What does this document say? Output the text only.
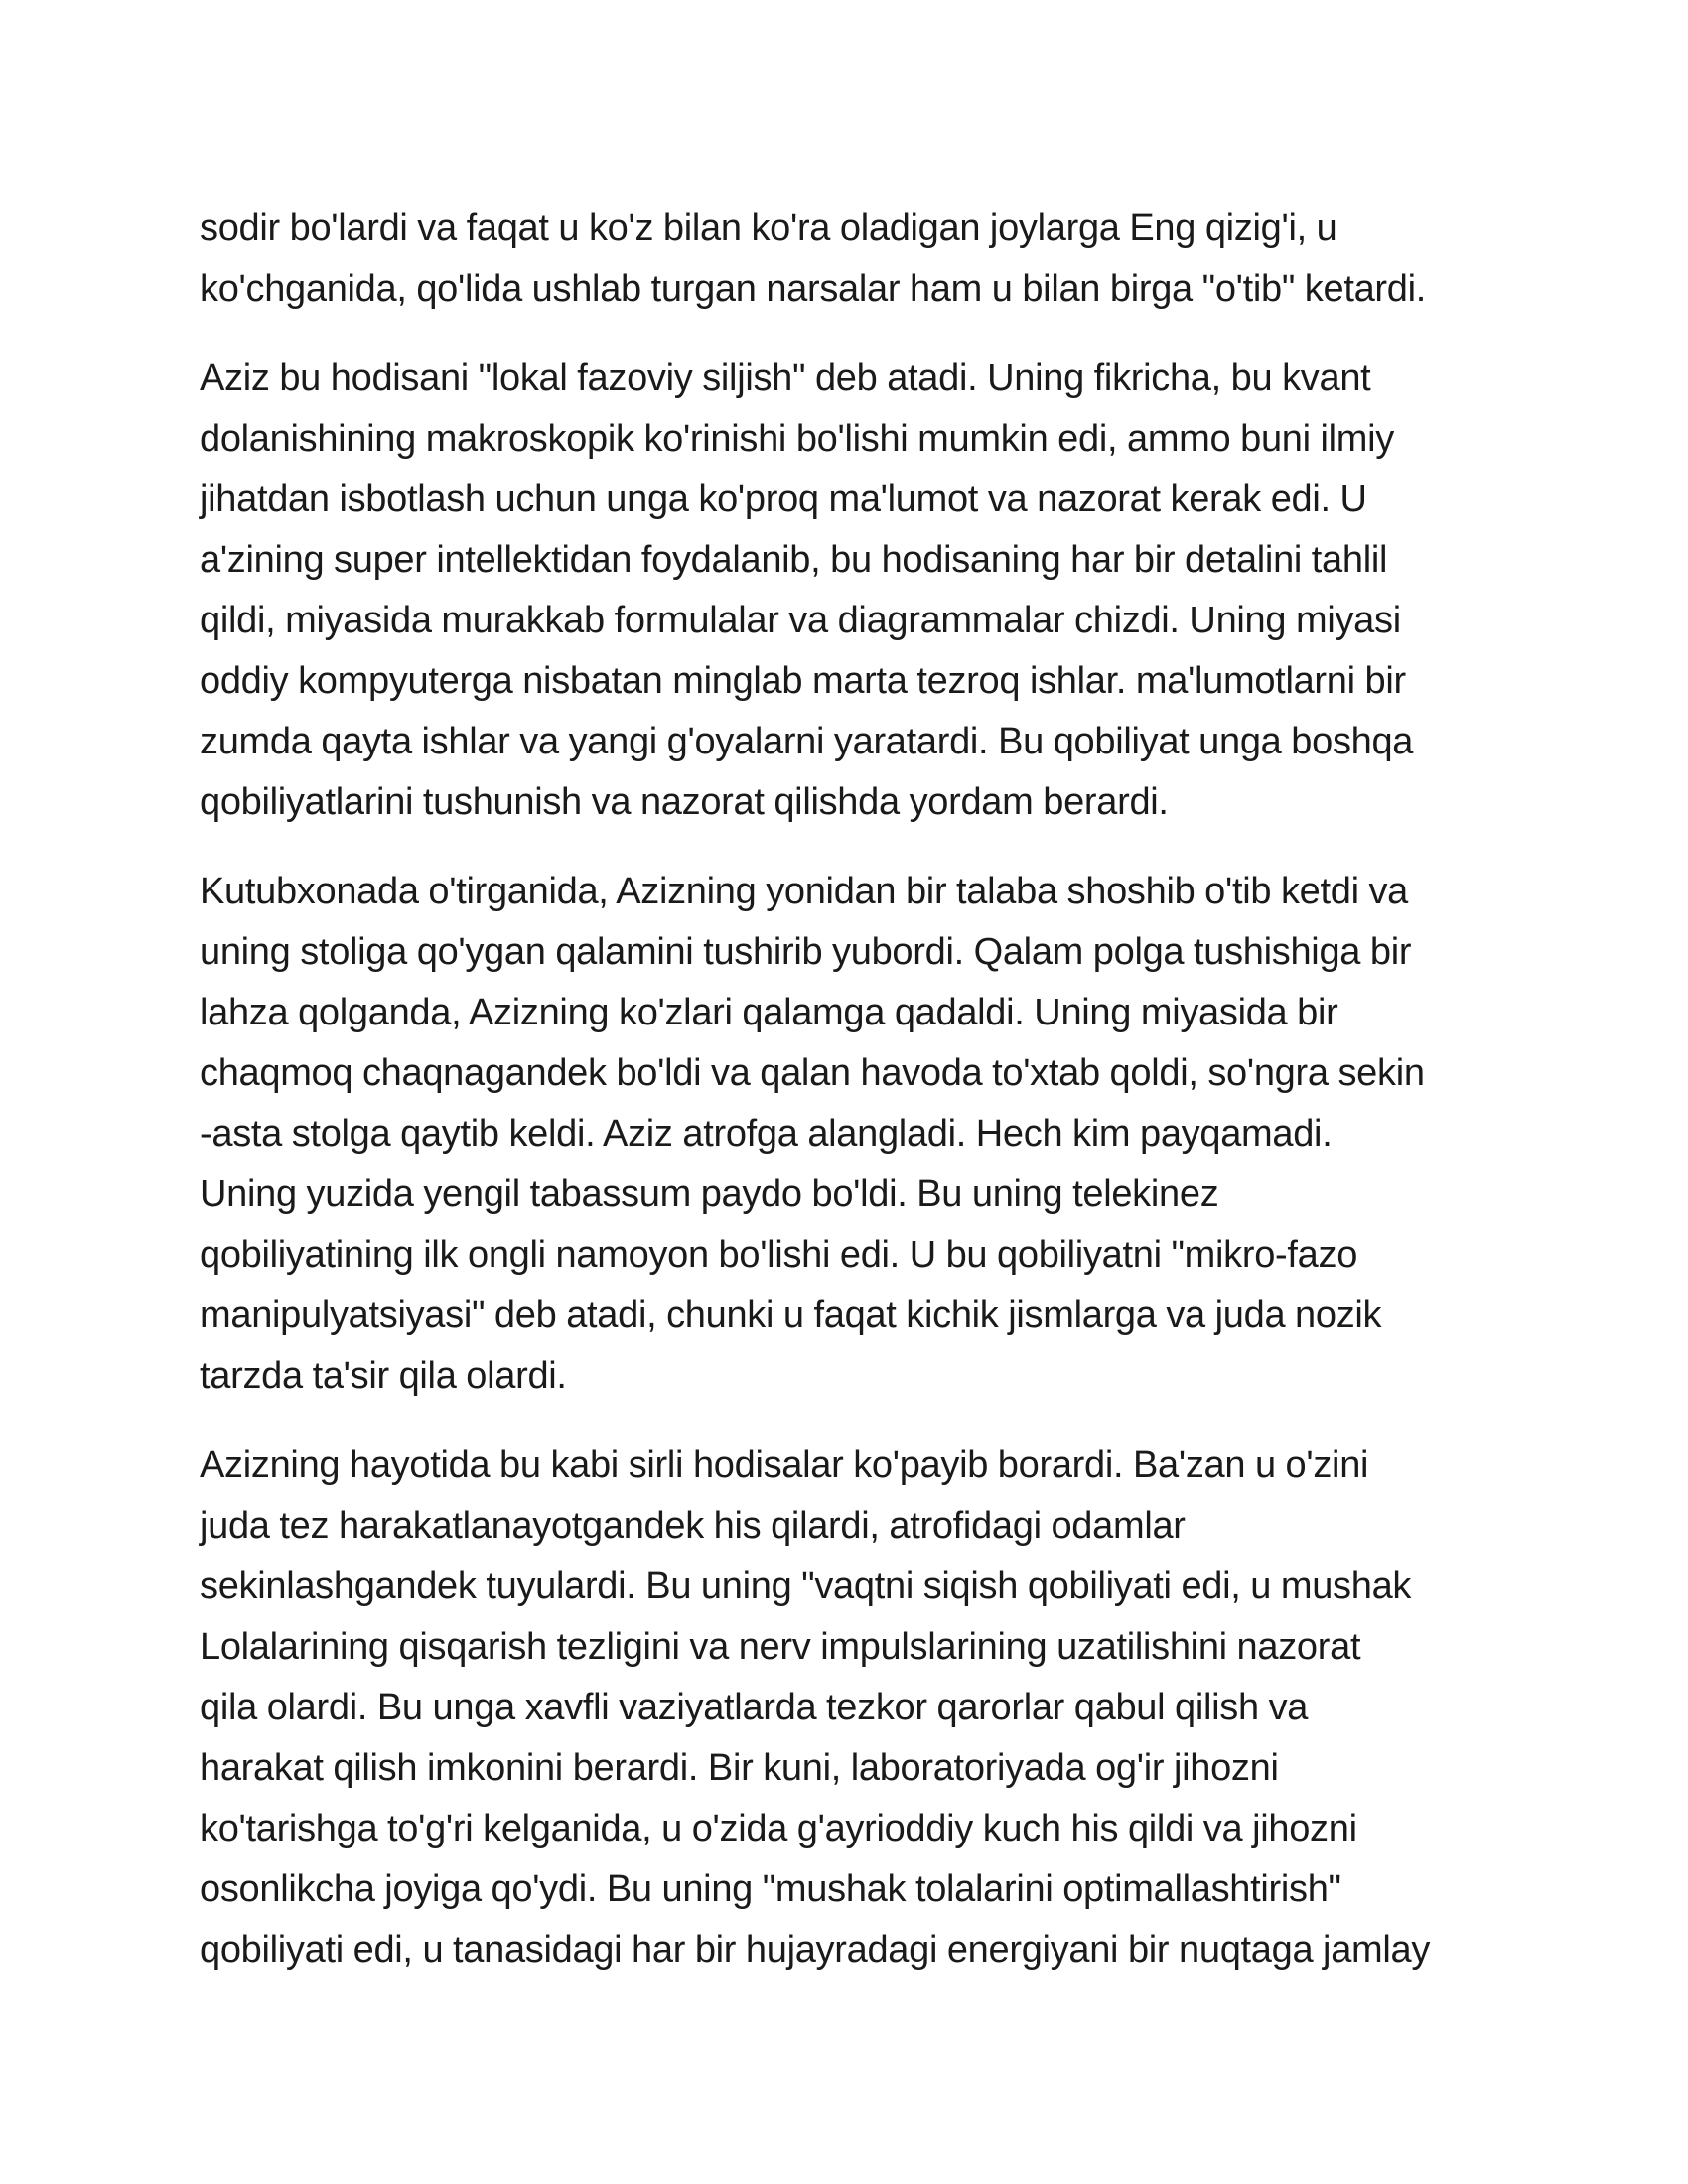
sodir bo'lardi va faqat u ko'z bilan ko'ra oladigan joylarga Eng qizig'i, u
ko'chganida, qo'lida ushlab turgan narsalar ham u bilan birga "o'tib" ketardi.

Aziz bu hodisani "lokal fazoviy siljish" deb atadi. Uning fikricha, bu kvant
dolanishining makroskopik ko'rinishi bo'lishi mumkin edi, ammo buni ilmiy
jihatdan isbotlash uchun unga ko'proq ma'lumot va nazorat kerak edi. U
a'zining super intellektidan foydalanib, bu hodisaning har bir detalini tahlil
qildi, miyasida murakkab formulalar va diagrammalar chizdi. Uning miyasi
oddiy kompyuterga nisbatan minglab marta tezroq ishlar. ma'lumotlarni bir
zumda qayta ishlar va yangi g'oyalarni yaratardi. Bu qobiliyat unga boshqa
qobiliyatlarini tushunish va nazorat qilishda yordam berardi.

Kutubxonada o'tirganida, Azizning yonidan bir talaba shoshib o'tib ketdi va
uning stoliga qo'ygan qalamini tushirib yubordi. Qalam polga tushishiga bir
lahza qolganda, Azizning ko'zlari qalamga qadaldi. Uning miyasida bir
chaqmoq chaqnagandek bo'ldi va qalan havoda to'xtab qoldi, so'ngra sekin
-asta stolga qaytib keldi. Aziz atrofga alangladi. Hech kim payqamadi.
Uning yuzida yengil tabassum paydo bo'ldi. Bu uning telekinez
qobiliyatining ilk ongli namoyon bo'lishi edi. U bu qobiliyatni "mikro-fazo
manipulyatsiyasi" deb atadi, chunki u faqat kichik jismlarga va juda nozik
tarzda ta'sir qila olardi.

Azizning hayotida bu kabi sirli hodisalar ko'payib borardi. Ba'zan u o'zini
juda tez harakatlanayotgandek his qilardi, atrofidagi odamlar
sekinlashgandek tuyulardi. Bu uning "vaqtni siqish qobiliyati edi, u mushak
Lolalarining qisqarish tezligini va nerv impulslarining uzatilishini nazorat
qila olardi. Bu unga xavfli vaziyatlarda tezkor qarorlar qabul qilish va
harakat qilish imkonini berardi. Bir kuni, laboratoriyada og'ir jihozni
ko'tarishga to'g'ri kelganida, u o'zida g'ayrioddiy kuch his qildi va jihozni
osonlikcha joyiga qo'ydi. Bu uning "mushak tolalarini optimallashtirish"
qobiliyati edi, u tanasidagi har bir hujayradagi energiyani bir nuqtaga jamlay
